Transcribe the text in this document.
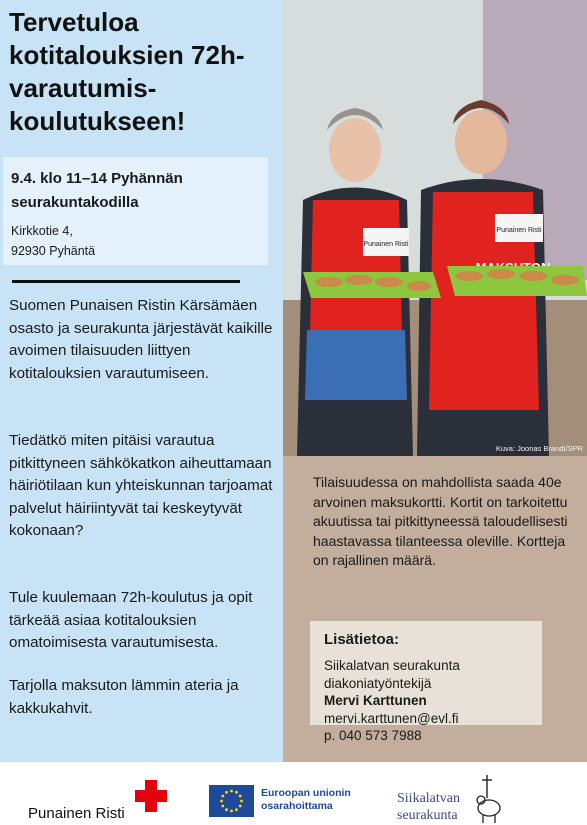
Tervetuloa kotitalouksien 72h-varautumis-koulutukseen!
9.4. klo 11–14 Pyhännän seurakuntakodilla
Kirkkotie 4,
92930 Pyhäntä

Suomen Punaisen Ristin Kärsämäen osasto ja seurakunta järjestävät kaikille avoimen tilaisuuden liittyen kotitalouksien varautumiseen.

Tiedätkö miten pitäisi varautua pitkittyneen sähkökatkon aiheuttamaan häiriötilaan kun yhteiskunnan tarjoamat palvelut häiriintyvät tai keskeytyvät kokonaan?

Tule kuulemaan 72h-koulutus ja opit tärkeää asiaa kotitalouksien omatoimisesta varautumisesta.

Tarjolla maksuton lämmin ateria ja kakkukahvit.

Punainen Risti
Punainen Risti
Kuva: Joonas Brandt/SPR

Tilaisuudessa on mahdollista saada 40e arvoinen maksukortti. Kortit on tarkoitettu akuutissa tai pitkittyneessä taloudellisesti haastavassa tilanteessa oleville. Kortteja on rajallinen määrä.

Lisätietoa:
Siikalatvan seurakunta
diakoniatyöntekijä
Mervi Karttunen
mervi.karttunen@evl.fi
p. 040 573 7988
Punainen Risti
Euroopan unionin
osarahoittama	Siikalatvan
seurakunta
